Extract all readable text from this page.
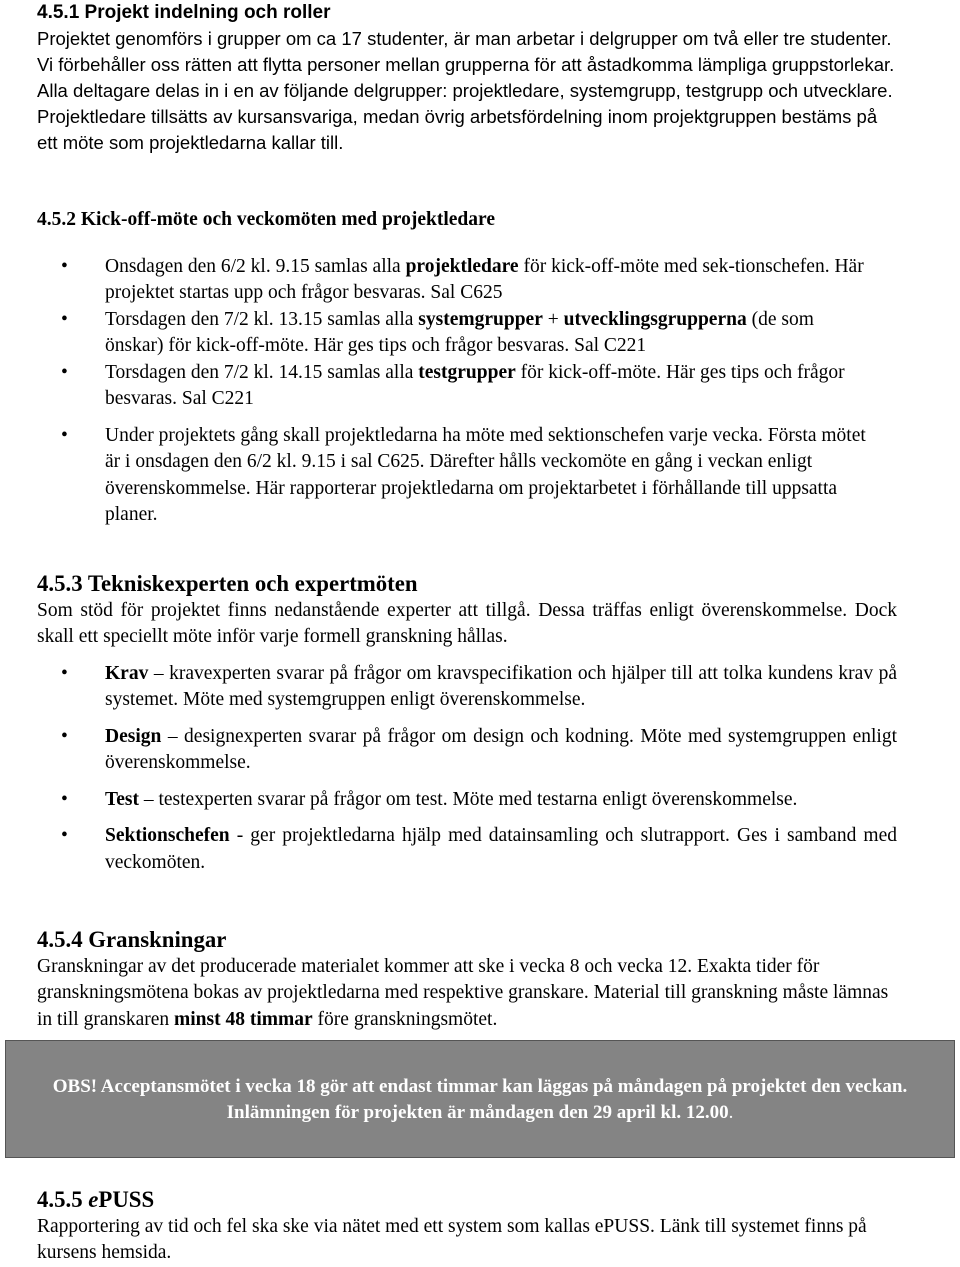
4.5.1 Projekt indelning och roller

Projektet genomförs i grupper om ca 17 studenter, är man arbetar i delgrupper om två eller tre studenter. Vi förbehåller oss rätten att flytta personer mellan grupperna för att åstadkomma lämpliga gruppstorlekar.

Alla deltagare delas in i en av följande delgrupper: projektledare, systemgrupp, testgrupp och utvecklare. Projektledare tillsätts av kursansvariga, medan övrig arbetsfördelning inom projektgruppen bestäms på ett möte som projektledarna kallar till.

4.5.2 Kick-off-möte och veckomöten med projektledare
• Onsdagen den 6/2 kl. 9.15 samlas alla projektledare för kick-off-möte med sek-tionschefen. Här projektet startas upp och frågor besvaras. Sal C625
• Torsdagen den 7/2 kl. 13.15 samlas alla systemgrupper + utvecklingsgrupperna (de som önskar) för kick-off-möte. Här ges tips och frågor besvaras. Sal C221
• Torsdagen den 7/2 kl. 14.15 samlas alla testgrupper för kick-off-möte. Här ges tips och frågor besvaras. Sal C221
• Under projektets gång skall projektledarna ha möte med sektionschefen varje vecka. Första mötet är i onsdagen den 6/2 kl. 9.15 i sal C625. Därefter hålls veckomöte en gång i veckan enligt överenskommelse. Här rapporterar projektledarna om projektarbetet i förhållande till uppsatta planer.
4.5.3 Tekniskexperten och expertmöten

Som stöd för projektet finns nedanstående experter att tillgå. Dessa träffas enligt överenskommelse. Dock skall ett speciellt möte inför varje formell granskning hållas.

• Krav – kravexperten svarar på frågor om kravspecifikation och hjälper till att tolka kundens krav på systemet. Möte med systemgruppen enligt överenskommelse.
• Design – designexperten svarar på frågor om design och kodning. Möte med systemgruppen enligt överenskommelse.
• Test – testexperten svarar på frågor om test. Möte med testarna enligt överenskommelse.
• Sektionschefen - ger projektledarna hjälp med datainsamling och slutrapport. Ges i samband med veckomöten.
4.5.4 Granskningar

Granskningar av det producerade materialet kommer att ske i vecka 8 och vecka 12. Exakta tider för granskningsmötena bokas av projektledarna med respektive granskare. Material till granskning måste lämnas in till granskaren minst 48 timmar före granskningsmötet.

OBS! Acceptansmötet i vecka 18 gör att endast timmar kan läggas på måndagen på projektet den veckan.

Inlämningen för projekten är måndagen den 29 april kl. 12.00.

4.5.5 ePUSS

Rapportering av tid och fel ska ske via nätet med ett system som kallas ePUSS. Länk till systemet finns på kursens hemsida.
